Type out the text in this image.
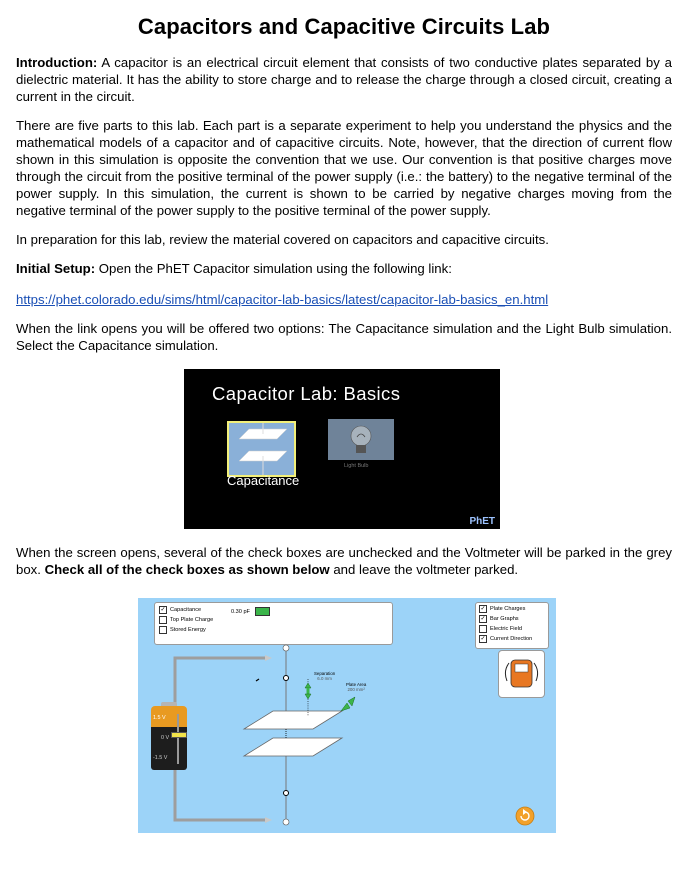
Capacitors and Capacitive Circuits Lab

Introduction: A capacitor is an electrical circuit element that consists of two conductive plates separated by a dielectric material. It has the ability to store charge and to release the charge through a closed circuit, creating a current in the circuit.

There are five parts to this lab. Each part is a separate experiment to help you understand the physics and the mathematical models of a capacitor and of capacitive circuits. Note, however, that the direction of current flow shown in this simulation is opposite the convention that we use. Our convention is that positive charges move through the circuit from the positive terminal of the power supply (i.e.: the battery) to the negative terminal of the power supply. In this simulation, the current is shown to be carried by negative charges moving from the negative terminal of the power supply to the positive terminal of the power supply.

In preparation for this lab, review the material covered on capacitors and capacitive circuits.

Initial Setup: Open the PhET Capacitor simulation using the following link:

https://phet.colorado.edu/sims/html/capacitor-lab-basics/latest/capacitor-lab-basics_en.html

When the link opens you will be offered two options: The Capacitance simulation and the Light Bulb simulation. Select the Capacitance simulation.

Capacitor Lab: Basics
Capacitance
Light Bulb
PhET

When the screen opens, several of the check boxes are unchecked and the Voltmeter will be parked in the grey box. Check all of the check boxes as shown below and leave the voltmeter parked.

✓ Capacitance
Top Plate Charge
Stored Energy
0.30 pF	✓ Plate Charges
✓ Bar Graphs
Electric Field
✓ Current Direction
1.5 V
0 V
-1.5 V
Separation
6.0 mm
Plate Area
200 mm²
